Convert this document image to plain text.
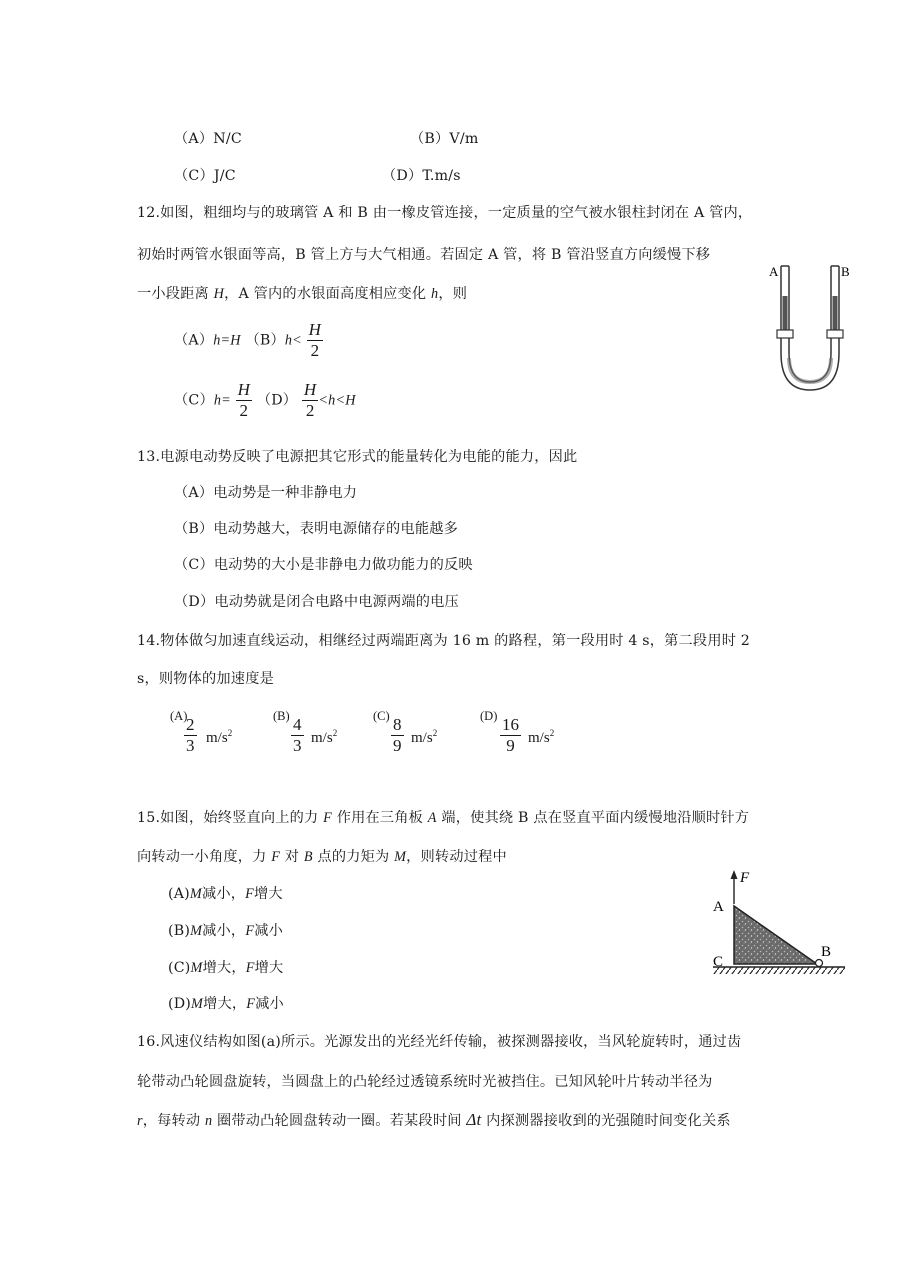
（A）N/C	（B）V/m
（C）J/C	（D）T.m/s
12.如图，粗细均与的玻璃管 A 和 B 由一橡皮管连接，一定质量的空气被水银柱封闭在 A 管内，
初始时两管水银面等高，B 管上方与大气相通。若固定 A 管，将 B 管沿竖直方向缓慢下移
一小段距离 H，A 管内的水银面高度相应变化 h，则
（A）h=H $(B)h< \frac{H}{2}$
$(C)h= \frac{H}{2} (D) \frac{H}{2} <h<H$
A	B
13.电源电动势反映了电源把其它形式的能量转化为电能的能力，因此
（A）电动势是一种非静电力
（B）电动势越大，表明电源储存的电能越多
（C）电动势的大小是非静电力做功能力的反映
（D）电动势就是闭合电路中电源两端的电压
14.物体做匀加速直线运动，相继经过两端距离为 16 m 的路程，第一段用时 4 s，第二段用时 2
s，则物体的加速度是
(A)
$\frac{2}{3} m/s^2$
$(B) \frac{4}{3} m/s^2$
$(C) \frac{8}{9} m/s^2$
$(D) \frac{16}{9} m/s^2$
15.如图，始终竖直向上的力 F 作用在三角板 A 端，使其绕 B 点在竖直平面内缓慢地沿顺时针方
向转动一小角度，力 F 对 B 点的力矩为 M，则转动过程中
(A)M减小，F增大
(B)M减小，F减小
(C)M增大，F增大
(D)M增大，F减小
F
A
B
C
16.风速仪结构如图(a)所示。光源发出的光经光纤传输，被探测器接收，当风轮旋转时，通过齿
轮带动凸轮圆盘旋转，当圆盘上的凸轮经过透镜系统时光被挡住。已知风轮叶片转动半径为
r，每转动 n 圈带动凸轮圆盘转动一圈。若某段时间 Δt 内探测器接收到的光强随时间变化关系
